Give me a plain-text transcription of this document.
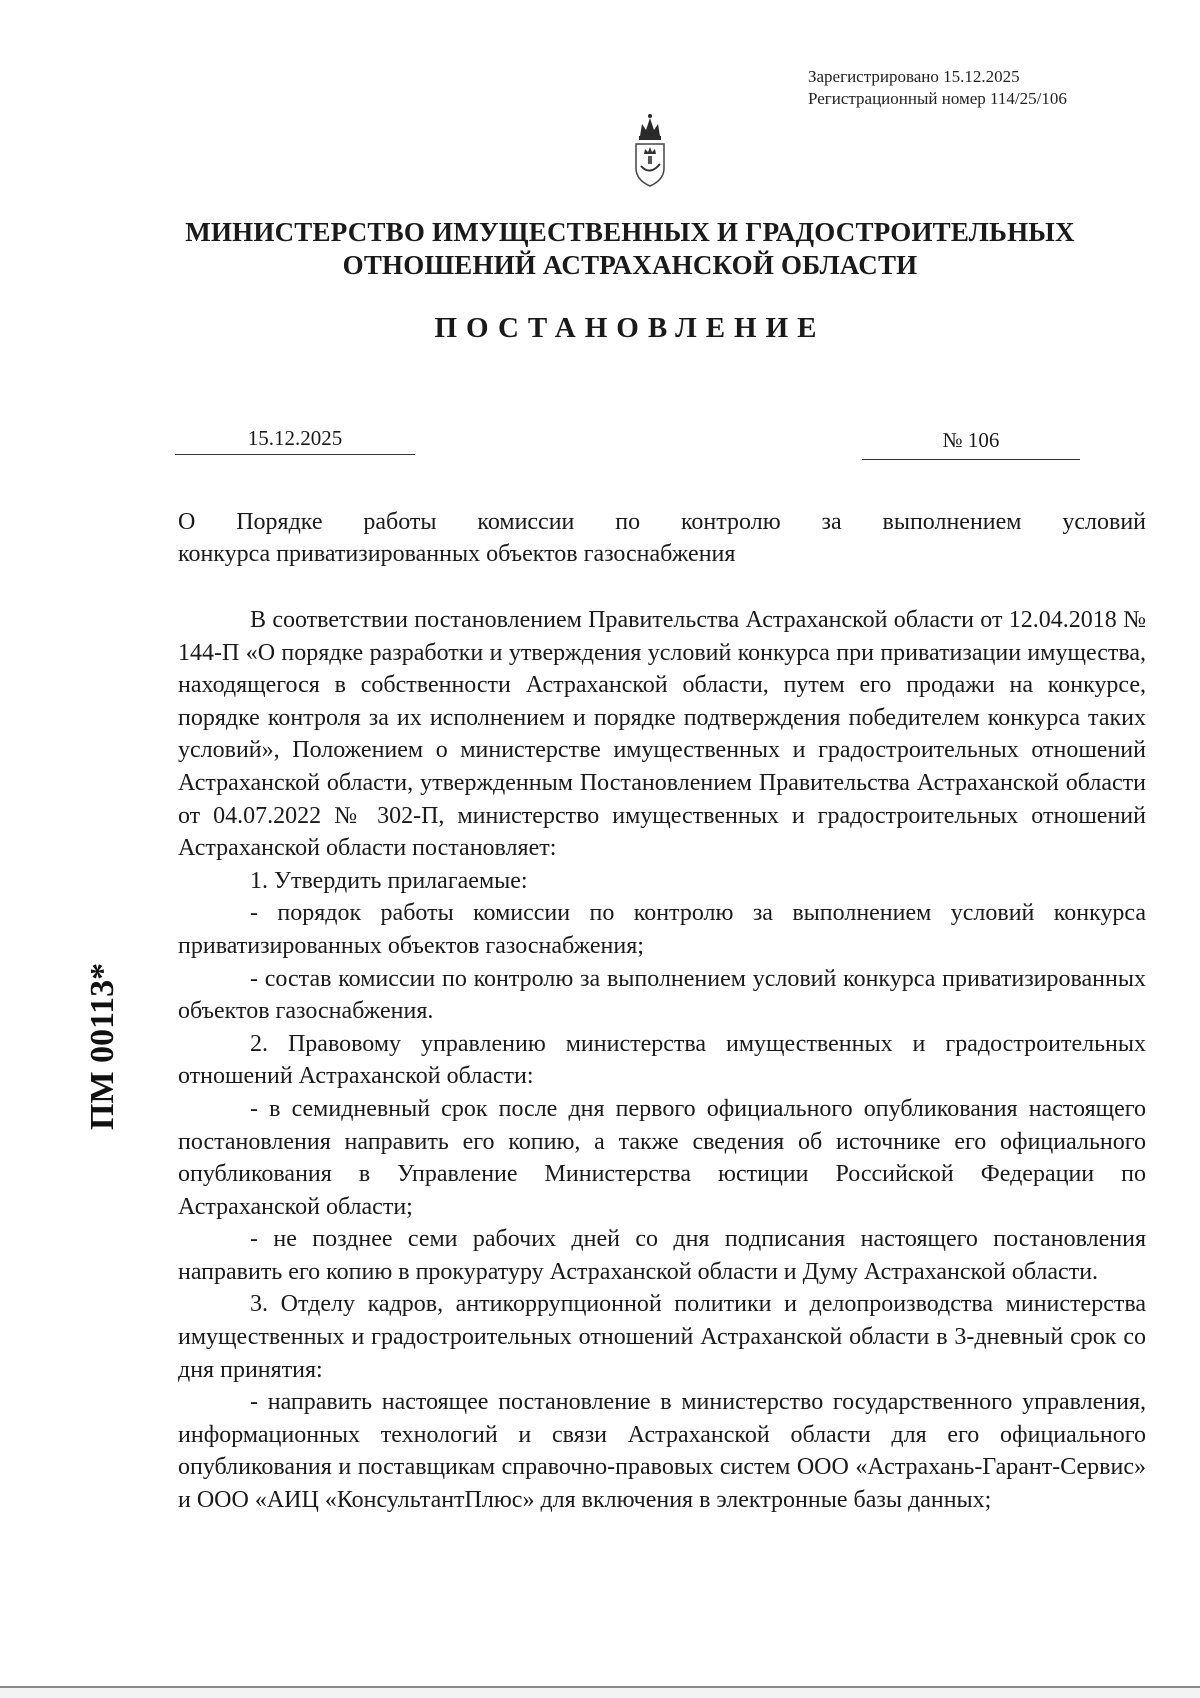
Зарегистрировано 15.12.2025
Регистрационный номер 114/25/106
МИНИСТЕРСТВО ИМУЩЕСТВЕННЫХ И ГРАДОСТРОИТЕЛЬНЫХ
ОТНОШЕНИЙ АСТРАХАНСКОЙ ОБЛАСТИ
ПОСТАНОВЛЕНИЕ
15.12.2025	№ 106
О Порядке работы комиссии по контролю за выполнением условий
конкурса приватизированных объектов газоснабжения
В соответствии постановлением Правительства Астраханской области от 12.04.2018 № 144-П «О порядке разработки и утверждения условий конкурса при приватизации имущества, находящегося в собственности Астраханской области, путем его продажи на конкурсе, порядке контроля за их исполнением и порядке подтверждения победителем конкурса таких условий», Положением о министерстве имущественных и градостроительных отношений Астраханской области, утвержденным Постановлением Правительства Астраханской области от 04.07.2022 № 302-П, министерство имущественных и градостроительных отношений Астраханской области постановляет:
1. Утвердить прилагаемые:
- порядок работы комиссии по контролю за выполнением условий конкурса приватизированных объектов газоснабжения;
- состав комиссии по контролю за выполнением условий конкурса приватизированных объектов газоснабжения.
2. Правовому управлению министерства имущественных и градостроительных отношений Астраханской области:
- в семидневный срок после дня первого официального опубликования настоящего постановления направить его копию, а также сведения об источнике его официального опубликования в Управление Министерства юстиции Российской Федерации по Астраханской области;
- не позднее семи рабочих дней со дня подписания настоящего постановления направить его копию в прокуратуру Астраханской области и Думу Астраханской области.
3. Отделу кадров, антикоррупционной политики и делопроизводства министерства имущественных и градостроительных отношений Астраханской области в 3-дневный срок со дня принятия:
- направить настоящее постановление в министерство государственного управления, информационных технологий и связи Астраханской области для его официального опубликования и поставщикам справочно-правовых систем ООО «Астрахань-Гарант-Сервис» и ООО «АИЦ «КонсультантПлюс» для включения в электронные базы данных;
ПМ 00113*
